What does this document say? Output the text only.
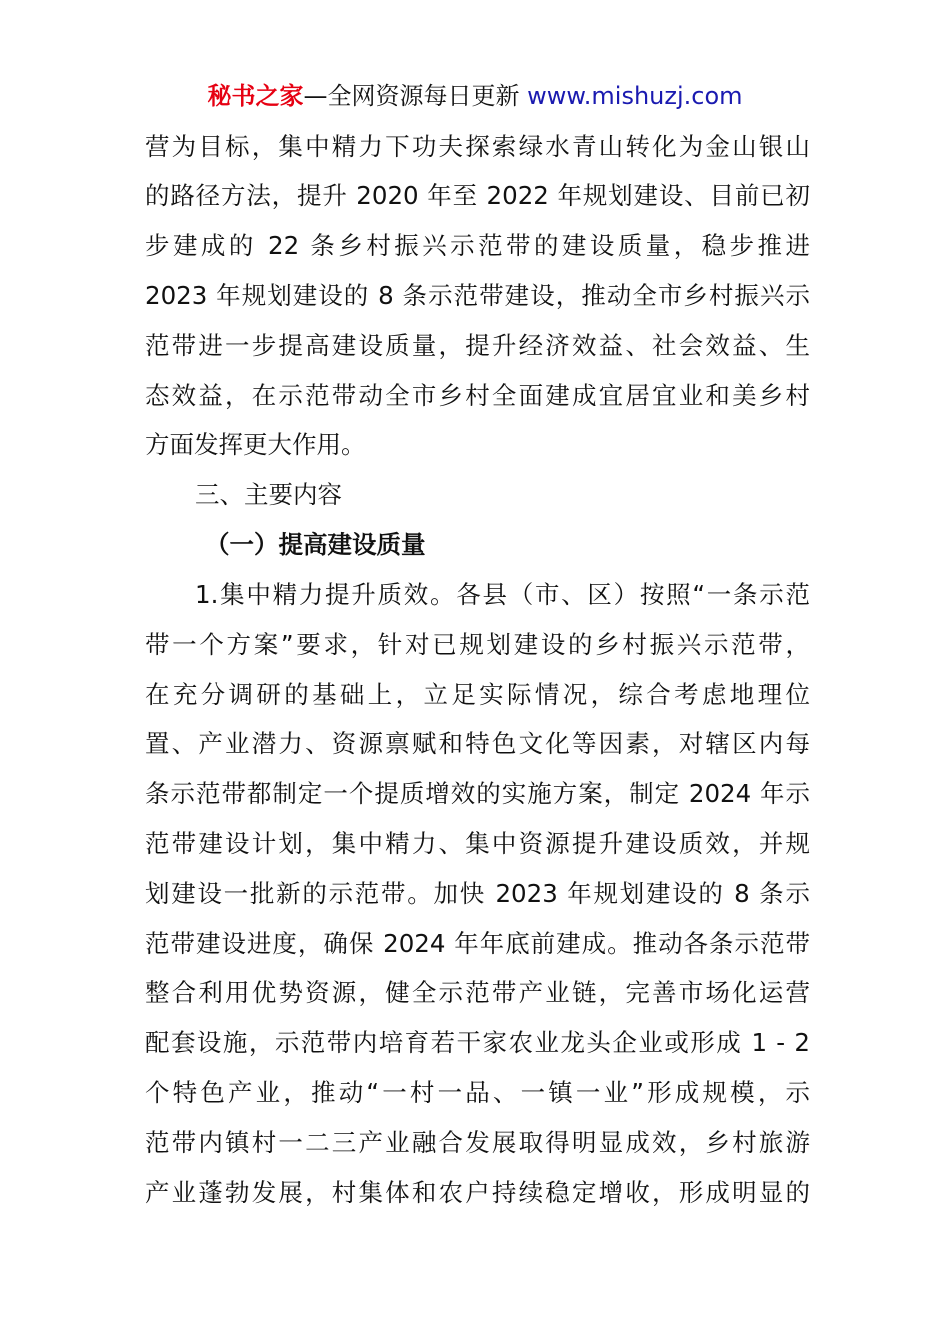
秘书之家—全网资源每日更新 www.mishuzj.com
营为目标，集中精力下功夫探索绿水青山转化为金山银山
的路径方法，提升 2020 年至 2022 年规划建设、目前已初
步建成的 22 条乡村振兴示范带的建设质量，稳步推进
2023 年规划建设的 8 条示范带建设，推动全市乡村振兴示
范带进一步提高建设质量，提升经济效益、社会效益、生
态效益，在示范带动全市乡村全面建成宜居宜业和美乡村
方面发挥更大作用。
三、主要内容
（一）提高建设质量
1.集中精力提升质效。各县（市、区）按照“一条示范
带一个方案”要求，针对已规划建设的乡村振兴示范带，
在充分调研的基础上，立足实际情况，综合考虑地理位
置、产业潜力、资源禀赋和特色文化等因素，对辖区内每
条示范带都制定一个提质增效的实施方案，制定 2024 年示
范带建设计划，集中精力、集中资源提升建设质效，并规
划建设一批新的示范带。加快 2023 年规划建设的 8 条示
范带建设进度，确保 2024 年年底前建成。推动各条示范带
整合利用优势资源，健全示范带产业链，完善市场化运营
配套设施，示范带内培育若干家农业龙头企业或形成 1 - 2
个特色产业，推动“一村一品、一镇一业”形成规模，示
范带内镇村一二三产业融合发展取得明显成效，乡村旅游
产业蓬勃发展，村集体和农户持续稳定增收，形成明显的
